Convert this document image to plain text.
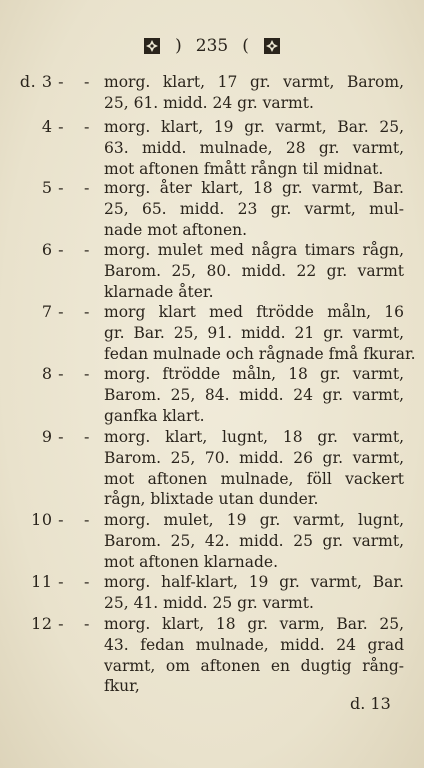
) 235 (
d. 3 - - morg. klart, 17 gr. varmt, Barom,
25, 61. midd. 24 gr. varmt.
4 - - morg. klart, 19 gr. varmt, Bar. 25,
63. midd. mulnade, 28 gr. varmt,
mot aftonen fmått rångn til midnat.
5 - - morg. åter klart, 18 gr. varmt, Bar.
25, 65. midd. 23 gr. varmt, mul-
nade mot aftonen.
6 - - morg. mulet med några timars rågn,
Barom. 25, 80. midd. 22 gr. varmt
klarnade åter.
7 - - morg klart med ftrödde måln, 16
gr. Bar. 25, 91. midd. 21 gr. varmt,
fedan mulnade och rågnade fmå fkurar.
8 - - morg. ftrödde måln, 18 gr. varmt,
Barom. 25, 84. midd. 24 gr. varmt,
ganfka klart.
9 - - morg. klart, lugnt, 18 gr. varmt,
Barom. 25, 70. midd. 26 gr. varmt,
mot aftonen mulnade, föll vackert
rågn, blixtade utan dunder.
10 - - morg. mulet, 19 gr. varmt, lugnt,
Barom. 25, 42. midd. 25 gr. varmt,
mot aftonen klarnade.
11 - - morg. half-klart, 19 gr. varmt, Bar.
25, 41. midd. 25 gr. varmt.
12 - - morg. klart, 18 gr. varm, Bar. 25,
43. fedan mulnade, midd. 24 grad
varmt, om aftonen en dugtig rång-
fkur,
d. 13
